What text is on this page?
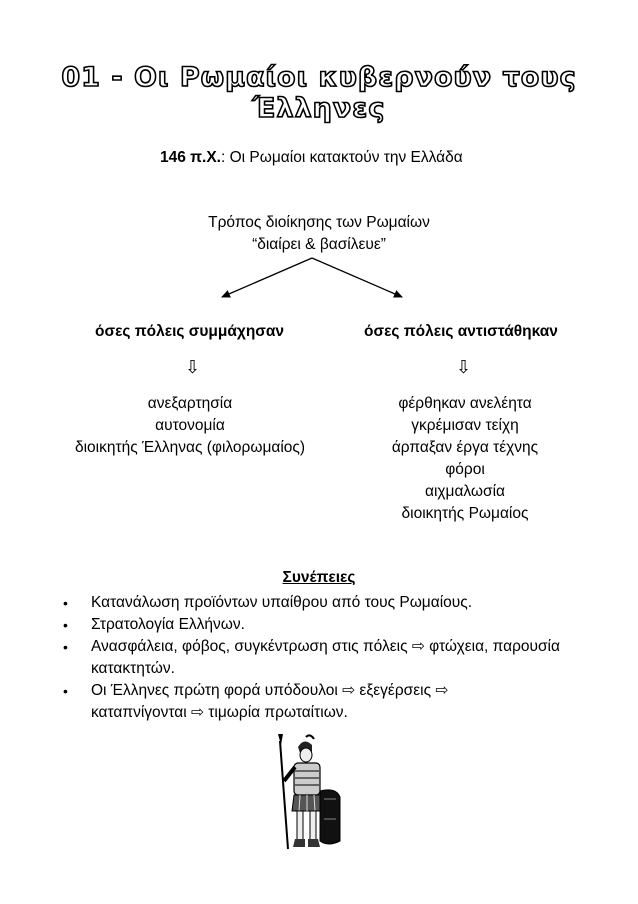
01 - Οι Ρωμαίοι κυβερνούν τους Έλληνες
146 π.Χ.: Οι Ρωμαίοι κατακτούν την Ελλάδα
Τρόπος διοίκησης των Ρωμαίων
“διαίρει & βασίλευε”
όσες πόλεις συμμάχησαν	όσες πόλεις αντιστάθηκαν
⇩	⇩
ανεξαρτησία
αυτονομία
διοικητής Έλληνας (φιλορωμαίος)
φέρθηκαν ανελέητα
γκρέμισαν τείχη
άρπαξαν έργα τέχνης
φόροι
αιχμαλωσία
διοικητής Ρωμαίος
Συνέπειες
• Κατανάλωση προϊόντων υπαίθρου από τους Ρωμαίους.
• Στρατολογία Ελλήνων.
• Ανασφάλεια, φόβος, συγκέντρωση στις πόλεις ⇨ φτώχεια, παρουσία κατακτητών.
• Οι Έλληνες πρώτη φορά υπόδουλοι ⇨ εξεγέρσεις ⇨ καταπνίγονται ⇨ τιμωρία πρωταίτιων.
